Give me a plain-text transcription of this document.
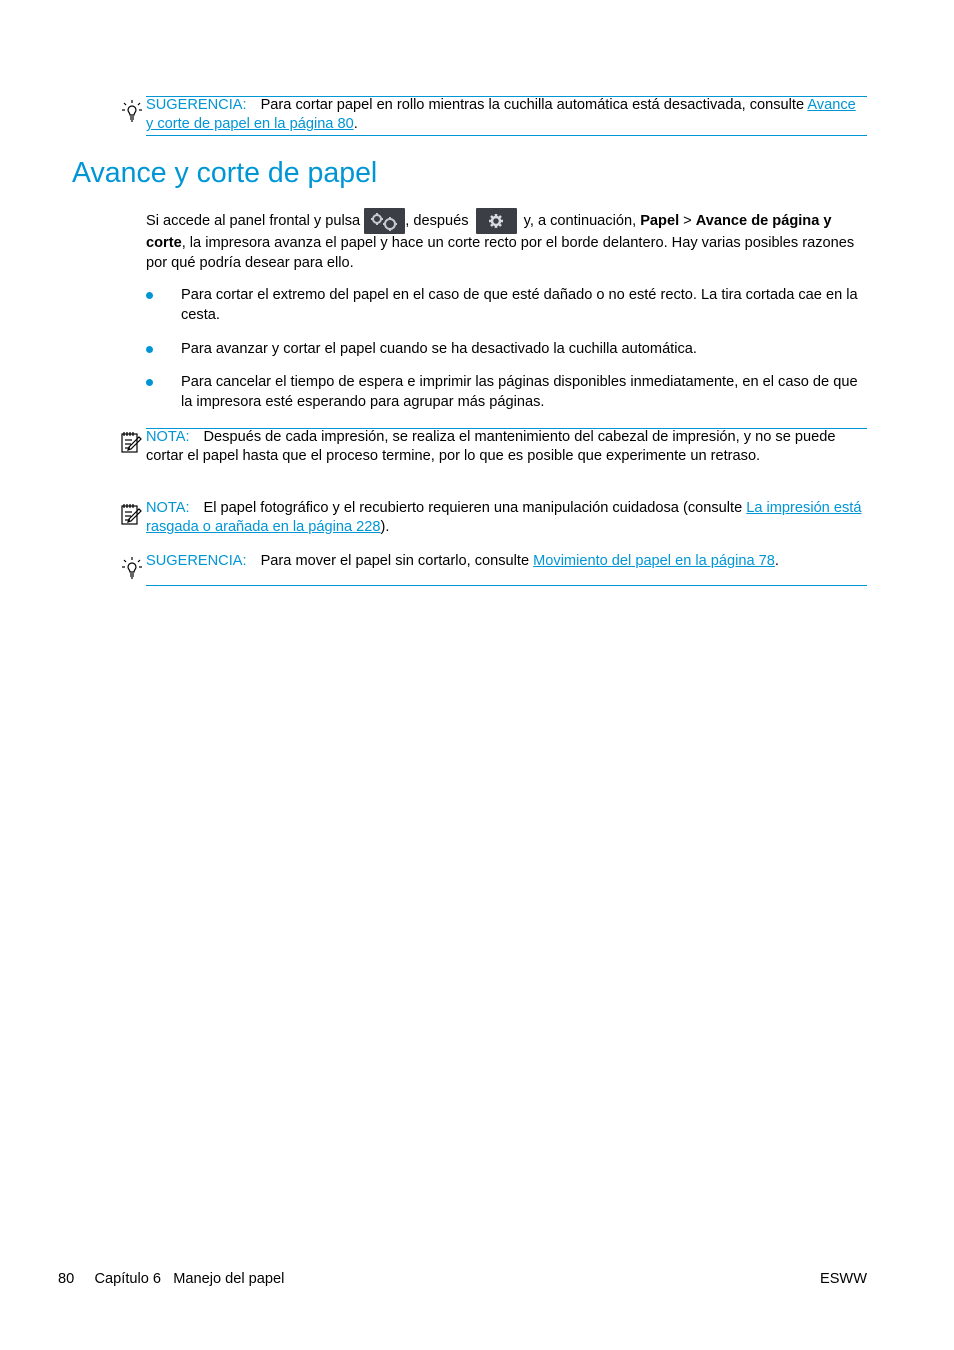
SUGERENCIA: Para cortar papel en rollo mientras la cuchilla automática está desactivada, consulte Avance y corte de papel en la página 80.
Avance y corte de papel
Si accede al panel frontal y pulsa	, después	y, a continuación, Papel > Avance de página y corte, la impresora avanza el papel y hace un corte recto por el borde delantero. Hay varias posibles razones por qué podría desear para ello.
Para cortar el extremo del papel en el caso de que esté dañado o no esté recto. La tira cortada cae en la cesta.
Para avanzar y cortar el papel cuando se ha desactivado la cuchilla automática.
Para cancelar el tiempo de espera e imprimir las páginas disponibles inmediatamente, en el caso de que la impresora esté esperando para agrupar más páginas.
NOTA: Después de cada impresión, se realiza el mantenimiento del cabezal de impresión, y no se puede cortar el papel hasta que el proceso termine, por lo que es posible que experimente un retraso.
NOTA: El papel fotográfico y el recubierto requieren una manipulación cuidadosa (consulte La impresión está rasgada o arañada en la página 228).
SUGERENCIA: Para mover el papel sin cortarlo, consulte Movimiento del papel en la página 78.
80 Capítulo 6 Manejo del papel	ESWW
